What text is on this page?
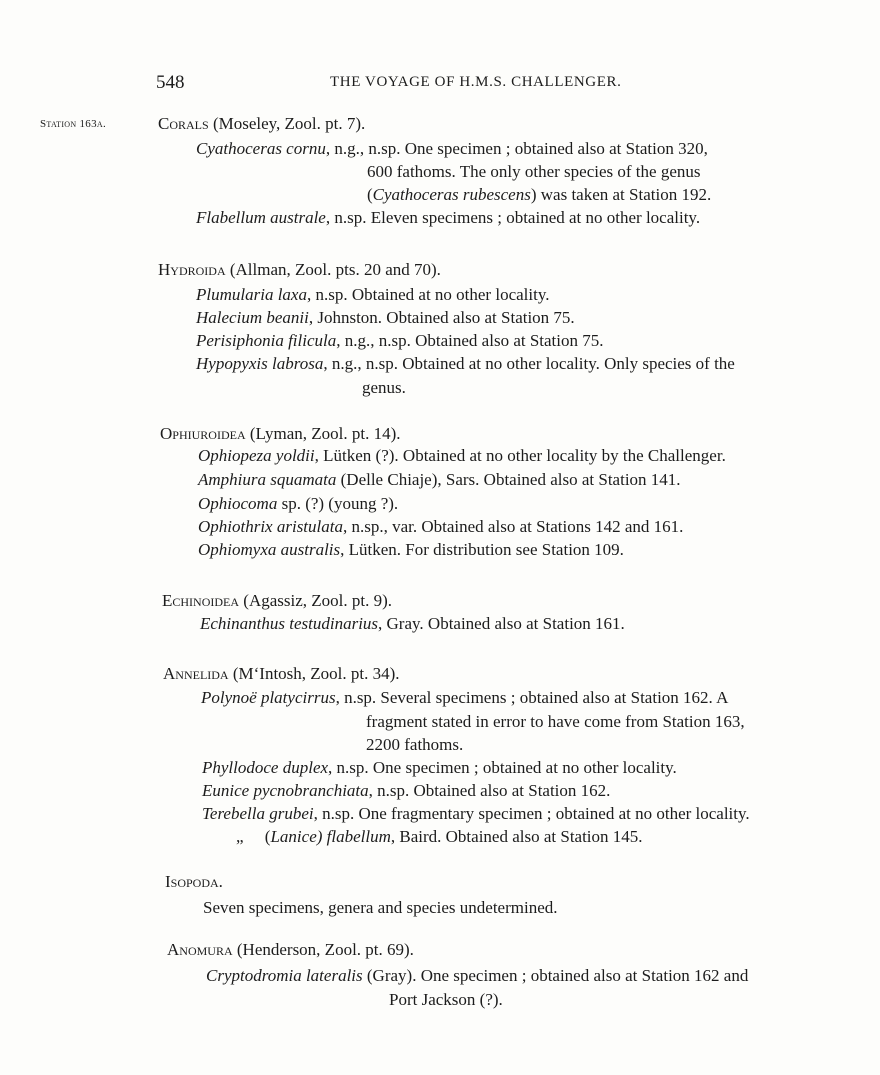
548	THE VOYAGE OF H.M.S. CHALLENGER.
Station 163a.	Corals (Moseley, Zool. pt. 7).
Cyathoceras cornu, n.g., n.sp. One specimen ; obtained also at Station 320,
600 fathoms. The only other species of the genus
(Cyathoceras rubescens) was taken at Station 192.
Flabellum australe, n.sp. Eleven specimens ; obtained at no other locality.
Hydroida (Allman, Zool. pts. 20 and 70).
Plumularia laxa, n.sp. Obtained at no other locality.
Halecium beanii, Johnston. Obtained also at Station 75.
Perisiphonia filicula, n.g., n.sp. Obtained also at Station 75.
Hypopyxis labrosa, n.g., n.sp. Obtained at no other locality. Only species of the
genus.
Ophiuroidea (Lyman, Zool. pt. 14).
Ophiopeza yoldii, Lütken (?). Obtained at no other locality by the Challenger.
Amphiura squamata (Delle Chiaje), Sars. Obtained also at Station 141.
Ophiocoma sp. (?) (young ?).
Ophiothrix aristulata, n.sp., var. Obtained also at Stations 142 and 161.
Ophiomyxa australis, Lütken. For distribution see Station 109.
Echinoidea (Agassiz, Zool. pt. 9).
Echinanthus testudinarius, Gray. Obtained also at Station 161.
Annelida (M‘Intosh, Zool. pt. 34).
Polynoë platycirrus, n.sp. Several specimens ; obtained also at Station 162. A
fragment stated in error to have come from Station 163,
2200 fathoms.
Phyllodoce duplex, n.sp. One specimen ; obtained at no other locality.
Eunice pycnobranchiata, n.sp. Obtained also at Station 162.
Terebella grubei, n.sp. One fragmentary specimen ; obtained at no other locality.
„     (Lanice) flabellum, Baird. Obtained also at Station 145.
Isopoda.
Seven specimens, genera and species undetermined.
Anomura (Henderson, Zool. pt. 69).
Cryptodromia lateralis (Gray). One specimen ; obtained also at Station 162 and
Port Jackson (?).
